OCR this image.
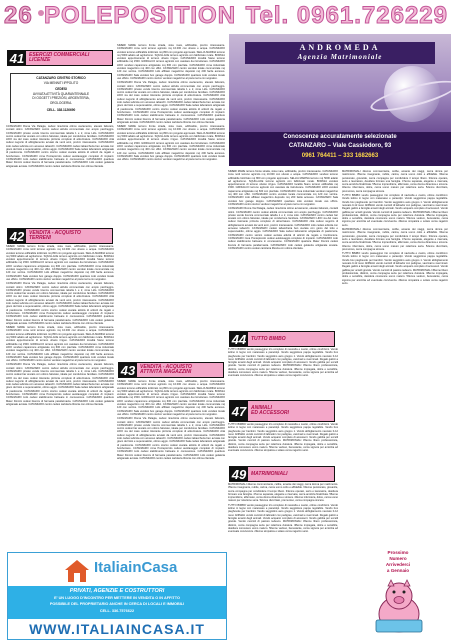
26 POLEPOSITION Tel. 0961.726229
41 ESERCIZI COMMERCIALI
LICENZE
CATANZARO CENTRO STORICO
VIA MENNITI IPPOLITO
CEDESI
AVVIATA ATTIVITÀ QUARANTENNALE
DI OGGETTI PREZIOSI, ARGENTERIA,
OROLOGERIA.
CELL. 338.1126690

CATANZARO Roma Via Palagia, cedesi ricevitoria ottimo avviamento, elevato fatturato, contatti ottimi. CATANZARO centro cedesi attività commerciale con ampio parcheggio. CATANZARO privato vende licenza commerciale tabella 1 e 2, zona Lido. CATANZARO centro cedesi bar avviato con ottimo fatturato, ideale per conduzione familiare. CATANZARO LIDO via del mare cedesi ristorante pizzeria completo di attrezzature. CATANZARO città cedesi negozio di abbigliamento avviato da venti anni, prezzo interessante. CATANZARO Lido cedesi edicola con annesso tabacchi. CATANZARO cedesi tabaccheria ben avviata con gioco del lotto e superenalotto, ottimo aggio. CATANZARO Sala cedesi laboratorio artigianale di pasticceria. CATANZARO centro storico cedesi avviata attività di articoli da regalo e bomboniere. CATANZARO zona Pontepiccolo cedesi autolavaggio completo di impianti. CATANZARO Lido cedesi stabilimento balneare in concessione. CATANZARO quartiere Mater Domini cedesi licenza di farmacia parafarmacia. CATANZARO Lido cedesi gelateria artigianale avviata. CATANZARO centro cedesi cartoleria libreria con ottima clientela.

42 VENDITA - ACQUISTO
TERRENI

SIMERI MARE terreno fronte strada, vista mare, edificabile, prezzo interessante. CATANZARO zona nord terreno agricolo mq 10.000 con uliveto e acqua. CATANZARO vendesi terreno edificabile lottizzato mq 800 con progetto approvato. SELLIA MARINA terreno mq 5000 adatto ad agriturismo. SQUILLACE terreno agricolo con fabbricato rurale. BORGIA vendesi appezzamento di terreno uliveto irriguo. CATANZARO località Siano terreno edificabile mq 1500. GIRIFALCO terreno agricolo con casolare da ristrutturare. CATANZARO LIDO vendesi capannone artigianale mq 600 con piazzale. CATANZARO zona industriale vendesi magazzino mq 400 con uffici. CATANZARO centro vendesi locale commerciale mq 120 con vetrine. CATANZARO Lido affittasi magazzino deposito mq 200 facile accesso. CATANZARO Sala vendesi box garage doppio. CATANZARO quartiere Lido vendesi locale uso ufficio. CATANZARO centro storico vendesi magazzino al piano terra con soppalco.

CATANZARO Roma Via Palagia, cedesi ricevitoria ottimo avviamento, elevato fatturato, contatti ottimi. CATANZARO centro cedesi attività commerciale con ampio parcheggio. CATANZARO privato vende licenza commerciale tabella 1 e 2, zona Lido. CATANZARO centro cedesi bar avviato con ottimo fatturato, ideale per conduzione familiare. CATANZARO LIDO via del mare cedesi ristorante pizzeria completo di attrezzature. CATANZARO città cedesi negozio di abbigliamento avviato da venti anni, prezzo interessante. CATANZARO Lido cedesi edicola con annesso tabacchi. CATANZARO cedesi tabaccheria ben avviata con gioco del lotto e superenalotto, ottimo aggio. CATANZARO Sala cedesi laboratorio artigianale di pasticceria. CATANZARO centro storico cedesi avviata attività di articoli da regalo e bomboniere. CATANZARO zona Pontepiccolo cedesi autolavaggio completo di impianti. CATANZARO Lido cedesi stabilimento balneare in concessione. CATANZARO quartiere Mater Domini cedesi licenza di farmacia parafarmacia. CATANZARO Lido cedesi gelateria artigianale avviata. CATANZARO centro cedesi cartoleria libreria con ottima clientela.

SIMERI MARE terreno fronte strada, vista mare, edificabile, prezzo interessante. CATANZARO zona nord terreno agricolo mq 10.000 con uliveto e acqua. CATANZARO vendesi terreno edificabile lottizzato mq 800 con progetto approvato. SELLIA MARINA terreno mq 5000 adatto ad agriturismo. SQUILLACE terreno agricolo con fabbricato rurale. BORGIA vendesi appezzamento di terreno uliveto irriguo. CATANZARO località Siano terreno edificabile mq 1500. GIRIFALCO terreno agricolo con casolare da ristrutturare. CATANZARO LIDO vendesi capannone artigianale mq 600 con piazzale. CATANZARO zona industriale vendesi magazzino mq 400 con uffici. CATANZARO centro vendesi locale commerciale mq 120 con vetrine. CATANZARO Lido affittasi magazzino deposito mq 200 facile accesso. CATANZARO Sala vendesi box garage doppio. CATANZARO quartiere Lido vendesi locale uso ufficio. CATANZARO centro storico vendesi magazzino al piano terra con soppalco.

CATANZARO Roma Via Palagia, cedesi ricevitoria ottimo avviamento, elevato fatturato, contatti ottimi. CATANZARO centro cedesi attività commerciale con ampio parcheggio. CATANZARO privato vende licenza commerciale tabella 1 e 2, zona Lido. CATANZARO centro cedesi bar avviato con ottimo fatturato, ideale per conduzione familiare. CATANZARO LIDO via del mare cedesi ristorante pizzeria completo di attrezzature. CATANZARO città cedesi negozio di abbigliamento avviato da venti anni, prezzo interessante. CATANZARO Lido cedesi edicola con annesso tabacchi. CATANZARO cedesi tabaccheria ben avviata con gioco del lotto e superenalotto, ottimo aggio. CATANZARO Sala cedesi laboratorio artigianale di pasticceria. CATANZARO centro storico cedesi avviata attività di articoli da regalo e bomboniere. CATANZARO zona Pontepiccolo cedesi autolavaggio completo di impianti. CATANZARO Lido cedesi stabilimento balneare in concessione. CATANZARO quartiere Mater Domini cedesi licenza di farmacia parafarmacia. CATANZARO Lido cedesi gelateria artigianale avviata. CATANZARO centro cedesi cartoleria libreria con ottima clientela.

SIMERI MARE terreno fronte strada, vista mare, edificabile, prezzo interessante. CATANZARO zona nord terreno agricolo mq 10.000 con uliveto e acqua. CATANZARO vendesi terreno edificabile lottizzato mq 800 con progetto approvato. SELLIA MARINA terreno mq 5000 adatto ad agriturismo. SQUILLACE terreno agricolo con fabbricato rurale. BORGIA vendesi appezzamento di terreno uliveto irriguo. CATANZARO località Siano terreno edificabile mq 1500. GIRIFALCO terreno agricolo con casolare da ristrutturare. CATANZARO LIDO vendesi capannone artigianale mq 600 con piazzale. CATANZARO zona industriale vendesi magazzino mq 400 con uffici. CATANZARO centro vendesi locale commerciale mq 120 con vetrine. CATANZARO Lido affittasi magazzino deposito mq 200 facile accesso. CATANZARO Sala vendesi box garage doppio. CATANZARO quartiere Lido vendesi locale uso ufficio. CATANZARO centro storico vendesi magazzino al piano terra con soppalco.

CATANZARO Roma Via Palagia, cedesi ricevitoria ottimo avviamento, elevato fatturato, contatti ottimi. CATANZARO centro cedesi attività commerciale con ampio parcheggio. CATANZARO privato vende licenza commerciale tabella 1 e 2, zona Lido. CATANZARO centro cedesi bar avviato con ottimo fatturato, ideale per conduzione familiare. CATANZARO LIDO via del mare cedesi ristorante pizzeria completo di attrezzature. CATANZARO città cedesi negozio di abbigliamento avviato da venti anni, prezzo interessante. CATANZARO Lido cedesi edicola con annesso tabacchi. CATANZARO cedesi tabaccheria ben avviata con gioco del lotto e superenalotto, ottimo aggio. CATANZARO Sala cedesi laboratorio artigianale di pasticceria. CATANZARO centro storico cedesi avviata attività di articoli da regalo e bomboniere. CATANZARO zona Pontepiccolo cedesi autolavaggio completo di impianti. CATANZARO Lido cedesi stabilimento balneare in concessione. CATANZARO quartiere Mater Domini cedesi licenza di farmacia parafarmacia. CATANZARO Lido cedesi gelateria artigianale avviata. CATANZARO centro cedesi cartoleria libreria con ottima clientela.

SIMERI MARE terreno fronte strada, vista mare, edificabile, prezzo interessante. CATANZARO zona nord terreno agricolo mq 10.000 con uliveto e acqua. CATANZARO vendesi terreno edificabile lottizzato mq 800 con progetto approvato. SELLIA MARINA terreno mq 5000 adatto ad agriturismo. SQUILLACE terreno agricolo con fabbricato rurale. BORGIA vendesi appezzamento di terreno uliveto irriguo. CATANZARO località Siano terreno edificabile mq 1500. GIRIFALCO terreno agricolo con casolare da ristrutturare. CATANZARO LIDO vendesi capannone artigianale mq 600 con piazzale. CATANZARO zona industriale vendesi magazzino mq 400 con uffici. CATANZARO centro vendesi locale commerciale mq 120 con vetrine. CATANZARO Lido affittasi magazzino deposito mq 200 facile accesso. CATANZARO Sala vendesi box garage doppio. CATANZARO quartiere Lido vendesi locale uso ufficio. CATANZARO centro storico vendesi magazzino al piano terra con soppalco.

43 VENDITA - ACQUISTO
ATTIVITÀ MAGAZZINI

SIMERI MARE terreno fronte strada, vista mare, edificabile, prezzo interessante. CATANZARO zona nord terreno agricolo mq 10.000 con uliveto e acqua. CATANZARO vendesi terreno edificabile lottizzato mq 800 con progetto approvato. SELLIA MARINA terreno mq 5000 adatto ad agriturismo. SQUILLACE terreno agricolo con fabbricato rurale. BORGIA vendesi appezzamento di terreno uliveto irriguo. CATANZARO località Siano terreno edificabile mq 1500. GIRIFALCO terreno agricolo con casolare da ristrutturare. CATANZARO LIDO vendesi capannone artigianale mq 600 con piazzale. CATANZARO zona industriale vendesi magazzino mq 400 con uffici. CATANZARO centro vendesi locale commerciale mq 120 con vetrine. CATANZARO Lido affittasi magazzino deposito mq 200 facile accesso. CATANZARO Sala vendesi box garage doppio. CATANZARO quartiere Lido vendesi locale uso ufficio. CATANZARO centro storico vendesi magazzino al piano terra con soppalco.

CATANZARO Roma Via Palagia, cedesi ricevitoria ottimo avviamento, elevato fatturato, contatti ottimi. CATANZARO centro cedesi attività commerciale con ampio parcheggio. CATANZARO privato vende licenza commerciale tabella 1 e 2, zona Lido. CATANZARO centro cedesi bar avviato con ottimo fatturato, ideale per conduzione familiare. CATANZARO LIDO via del mare cedesi ristorante pizzeria completo di attrezzature. CATANZARO città cedesi negozio di abbigliamento avviato da venti anni, prezzo interessante. CATANZARO Lido cedesi edicola con annesso tabacchi. CATANZARO cedesi tabaccheria ben avviata con gioco del lotto e superenalotto, ottimo aggio. CATANZARO Sala cedesi laboratorio artigianale di pasticceria. CATANZARO centro storico cedesi avviata attività di articoli da regalo e bomboniere. CATANZARO zona Pontepiccolo cedesi autolavaggio completo di impianti. CATANZARO Lido cedesi stabilimento balneare in concessione. CATANZARO quartiere Mater Domini cedesi licenza di farmacia parafarmacia. CATANZARO Lido cedesi gelateria artigianale avviata. CATANZARO centro cedesi cartoleria libreria con ottima clientela.

ANDROMEDA
Agenzia Matrimoniale
Conoscenze accuratamente selezionate
CATANZARO – Viale Cassiodoro, 93
0961 764411 – 333 1682663

SIMERI MARE terreno fronte strada, vista mare, edificabile, prezzo interessante. CATANZARO zona nord terreno agricolo mq 10.000 con uliveto e acqua. CATANZARO vendesi terreno edificabile lottizzato mq 800 con progetto approvato. SELLIA MARINA terreno mq 5000 adatto ad agriturismo. SQUILLACE terreno agricolo con fabbricato rurale. BORGIA vendesi appezzamento di terreno uliveto irriguo. CATANZARO località Siano terreno edificabile mq 1500. GIRIFALCO terreno agricolo con casolare da ristrutturare. CATANZARO LIDO vendesi capannone artigianale mq 600 con piazzale. CATANZARO zona industriale vendesi magazzino mq 400 con uffici. CATANZARO centro vendesi locale commerciale mq 120 con vetrine. CATANZARO Lido affittasi magazzino deposito mq 200 facile accesso. CATANZARO Sala vendesi box garage doppio. CATANZARO quartiere Lido vendesi locale uso ufficio. CATANZARO centro storico vendesi magazzino al piano terra con soppalco.

CATANZARO Roma Via Palagia, cedesi ricevitoria ottimo avviamento, elevato fatturato, contatti ottimi. CATANZARO centro cedesi attività commerciale con ampio parcheggio. CATANZARO privato vende licenza commerciale tabella 1 e 2, zona Lido. CATANZARO centro cedesi bar avviato con ottimo fatturato, ideale per conduzione familiare. CATANZARO LIDO via del mare cedesi ristorante pizzeria completo di attrezzature. CATANZARO città cedesi negozio di abbigliamento avviato da venti anni, prezzo interessante. CATANZARO Lido cedesi edicola con annesso tabacchi. CATANZARO cedesi tabaccheria ben avviata con gioco del lotto e superenalotto, ottimo aggio. CATANZARO Sala cedesi laboratorio artigianale di pasticceria. CATANZARO centro storico cedesi avviata attività di articoli da regalo e bomboniere. CATANZARO zona Pontepiccolo cedesi autolavaggio completo di impianti. CATANZARO Lido cedesi stabilimento balneare in concessione. CATANZARO quartiere Mater Domini cedesi licenza di farmacia parafarmacia. CATANZARO Lido cedesi gelateria artigianale avviata. CATANZARO centro cedesi cartoleria libreria con ottima clientela.

44 TUTTO BIMBO

TUTTO BIMBO vendo passeggino trio completo di navicella e ovetto, ottime condizioni. Vendo lettino in legno con materasso e paracolpi. Vendo seggiolone pappa regolabile. Vendo box pieghevole per bambini. Vendo seggiolino auto gruppo 1. Vendo abbigliamento neonato 0-12 mesi. ANIMALI vendo cuccioli di labrador con pedigree, vaccinati e sverminati. Regalo gattini a famiglie amanti degli animali. Vendo acquario completo di accessori. Vendo gabbia per uccelli grande. Vendo cuccioli di pastore tedesco. MATRIMONIALI 45enne libero professionista, distinto, cerca compagna seria per relazione duratura. 38enne impiegata, dolce e sensibile, desidera conoscere uomo maturo. 50enne vedovo, benestante, cerca signora per amicizia ed eventuale convivenza. 29enne simpatica e solare cerca ragazzo serio.

47 ANIMALI
ED ACCESSORI

TUTTO BIMBO vendo passeggino trio completo di navicella e ovetto, ottime condizioni. Vendo lettino in legno con materasso e paracolpi. Vendo seggiolone pappa regolabile. Vendo box pieghevole per bambini. Vendo seggiolino auto gruppo 1. Vendo abbigliamento neonato 0-12 mesi. ANIMALI vendo cuccioli di labrador con pedigree, vaccinati e sverminati. Regalo gattini a famiglie amanti degli animali. Vendo acquario completo di accessori. Vendo gabbia per uccelli grande. Vendo cuccioli di pastore tedesco. MATRIMONIALI 45enne libero professionista, distinto, cerca compagna seria per relazione duratura. 38enne impiegata, dolce e sensibile, desidera conoscere uomo maturo. 50enne vedovo, benestante, cerca signora per amicizia ed eventuale convivenza. 29enne simpatica e solare cerca ragazzo serio.

49 MATRIMONIALI

MATRIMONIALI 42enne commerciante, celibe, amante dei viaggi, cerca donna per matrimonio. 35enne insegnante, nubile, carina, cerca uomo colto e affidabile. 60enne pensionato, giovanile, cerca compagna per condividere il tempo libero. 33enne operaio, serio e lavoratore, desidera formare una famiglia. 47enne separata, elegante e riservata, cerca amicizia finalizzata. 55enne imprenditore, affermato, cerca donna dinamica e sincera. 40enne infermiera, dolce, cerca uomo maturo per relazione seria. 52enne divorziato, premuroso, cerca compagna sincera.

TUTTO BIMBO vendo passeggino trio completo di navicella e ovetto, ottime condizioni. Vendo lettino in legno con materasso e paracolpi. Vendo seggiolone pappa regolabile. Vendo box pieghevole per bambini. Vendo seggiolino auto gruppo 1. Vendo abbigliamento neonato 0-12 mesi. ANIMALI vendo cuccioli di labrador con pedigree, vaccinati e sverminati. Regalo gattini a famiglie amanti degli animali. Vendo acquario completo di accessori. Vendo gabbia per uccelli grande. Vendo cuccioli di pastore tedesco. MATRIMONIALI 45enne libero professionista, distinto, cerca compagna seria per relazione duratura. 38enne impiegata, dolce e sensibile, desidera conoscere uomo maturo. 50enne vedovo, benestante, cerca signora per amicizia ed eventuale convivenza. 29enne simpatica e solare cerca ragazzo serio.

MATRIMONIALI 42enne commerciante, celibe, amante dei viaggi, cerca donna per matrimonio. 35enne insegnante, nubile, carina, cerca uomo colto e affidabile. 60enne pensionato, giovanile, cerca compagna per condividere il tempo libero. 33enne operaio, serio e lavoratore, desidera formare una famiglia. 47enne separata, elegante e riservata, cerca amicizia finalizzata. 55enne imprenditore, affermato, cerca donna dinamica e sincera. 40enne infermiera, dolce, cerca uomo maturo per relazione seria. 52enne divorziato, premuroso, cerca compagna sincera.

TUTTO BIMBO vendo passeggino trio completo di navicella e ovetto, ottime condizioni. Vendo lettino in legno con materasso e paracolpi. Vendo seggiolone pappa regolabile. Vendo box pieghevole per bambini. Vendo seggiolino auto gruppo 1. Vendo abbigliamento neonato 0-12 mesi. ANIMALI vendo cuccioli di labrador con pedigree, vaccinati e sverminati. Regalo gattini a famiglie amanti degli animali. Vendo acquario completo di accessori. Vendo gabbia per uccelli grande. Vendo cuccioli di pastore tedesco. MATRIMONIALI 45enne libero professionista, distinto, cerca compagna seria per relazione duratura. 38enne impiegata, dolce e sensibile, desidera conoscere uomo maturo. 50enne vedovo, benestante, cerca signora per amicizia ed eventuale convivenza. 29enne simpatica e solare cerca ragazzo serio.

MATRIMONIALI 42enne commerciante, celibe, amante dei viaggi, cerca donna per matrimonio. 35enne insegnante, nubile, carina, cerca uomo colto e affidabile. 60enne pensionato, giovanile, cerca compagna per condividere il tempo libero. 33enne operaio, serio e lavoratore, desidera formare una famiglia. 47enne separata, elegante e riservata, cerca amicizia finalizzata. 55enne imprenditore, affermato, cerca donna dinamica e sincera. 40enne infermiera, dolce, cerca uomo maturo per relazione seria. 52enne divorziato, premuroso, cerca compagna sincera.

TUTTO BIMBO vendo passeggino trio completo di navicella e ovetto, ottime condizioni. Vendo lettino in legno con materasso e paracolpi. Vendo seggiolone pappa regolabile. Vendo box pieghevole per bambini. Vendo seggiolino auto gruppo 1. Vendo abbigliamento neonato 0-12 mesi. ANIMALI vendo cuccioli di labrador con pedigree, vaccinati e sverminati. Regalo gattini a famiglie amanti degli animali. Vendo acquario completo di accessori. Vendo gabbia per uccelli grande. Vendo cuccioli di pastore tedesco. MATRIMONIALI 45enne libero professionista, distinto, cerca compagna seria per relazione duratura. 38enne impiegata, dolce e sensibile, desidera conoscere uomo maturo. 50enne vedovo, benestante, cerca signora per amicizia ed eventuale convivenza. 29enne simpatica e solare cerca ragazzo serio.

ItaliainCasa
PRIVATI, AGENZIE E COSTRUTTORI
E' UN LUOGO D'INCONTRO PER METTERE IN VENDITA O IN AFFITTO
POSSIBILE DEL PROPRIETARIO ANCHE IN CERCA DI LOCALI E IMMOBILI
CELL. 336.7576622
WWW.ITALIAINCASA.IT
Prossimo
Numero
Arrivederci
a Gennaio
